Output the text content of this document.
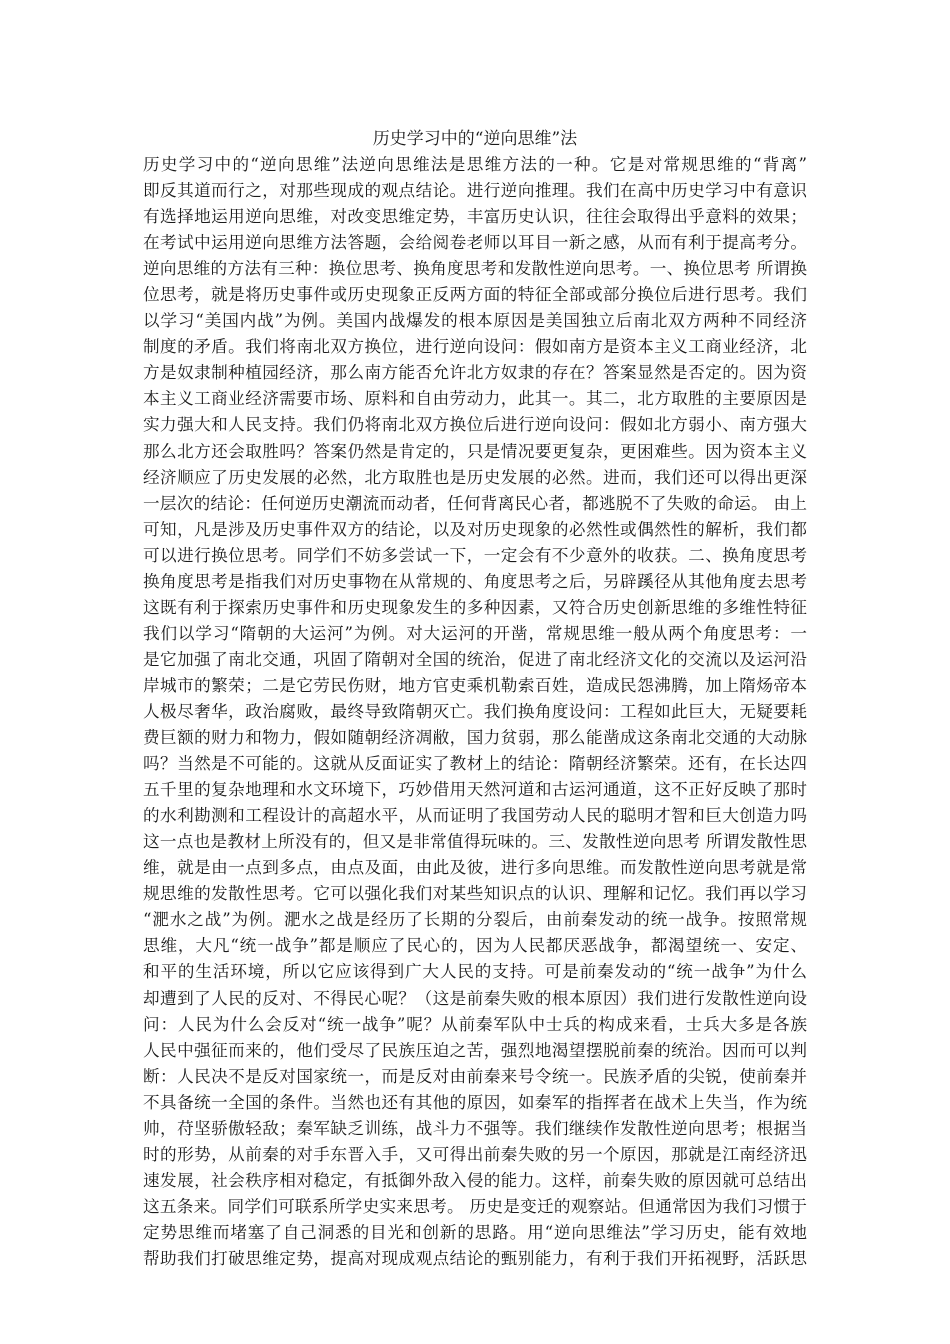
历史学习中的“逆向思维”法
历史学习中的“逆向思维”法逆向思维法是思维方法的一种。它是对常规思维的“背离”
即反其道而行之，对那些现成的观点结论。进行逆向推理。我们在高中历史学习中有意识
有选择地运用逆向思维，对改变思维定势，丰富历史认识，往往会取得出乎意料的效果；
在考试中运用逆向思维方法答题，会给阅卷老师以耳目一新之感，从而有利于提高考分。
逆向思维的方法有三种：换位思考、换角度思考和发散性逆向思考。一、换位思考 所谓换
位思考，就是将历史事件或历史现象正反两方面的特征全部或部分换位后进行思考。我们
以学习“美国内战”为例。美国内战爆发的根本原因是美国独立后南北双方两种不同经济
制度的矛盾。我们将南北双方换位，进行逆向设问：假如南方是资本主义工商业经济，北
方是奴隶制种植园经济，那么南方能否允许北方奴隶的存在？答案显然是否定的。因为资
本主义工商业经济需要市场、原料和自由劳动力，此其一。其二，北方取胜的主要原因是
实力强大和人民支持。我们仍将南北双方换位后进行逆向设问：假如北方弱小、南方强大
那么北方还会取胜吗？答案仍然是肯定的，只是情况要更复杂，更困难些。因为资本主义
经济顺应了历史发展的必然，北方取胜也是历史发展的必然。进而，我们还可以得出更深
一层次的结论：任何逆历史潮流而动者，任何背离民心者，都逃脱不了失败的命运。 由上
可知，凡是涉及历史事件双方的结论，以及对历史现象的必然性或偶然性的解析，我们都
可以进行换位思考。同学们不妨多尝试一下，一定会有不少意外的收获。二、换角度思考
换角度思考是指我们对历史事物在从常规的、角度思考之后，另辟蹊径从其他角度去思考
这既有利于探索历史事件和历史现象发生的多种因素，又符合历史创新思维的多维性特征
我们以学习“隋朝的大运河”为例。对大运河的开凿，常规思维一般从两个角度思考：一
是它加强了南北交通，巩固了隋朝对全国的统治，促进了南北经济文化的交流以及运河沿
岸城市的繁荣；二是它劳民伤财，地方官吏乘机勒索百姓，造成民怨沸腾，加上隋炀帝本
人极尽奢华，政治腐败，最终导致隋朝灭亡。我们换角度设问：工程如此巨大，无疑要耗
费巨额的财力和物力，假如随朝经济凋敝，国力贫弱，那么能凿成这条南北交通的大动脉
吗？当然是不可能的。这就从反面证实了教材上的结论：隋朝经济繁荣。还有，在长达四
五千里的复杂地理和水文环境下，巧妙借用天然河道和古运河通道，这不正好反映了那时
的水利勘测和工程设计的高超水平，从而证明了我国劳动人民的聪明才智和巨大创造力吗
这一点也是教材上所没有的，但又是非常值得玩味的。三、发散性逆向思考 所谓发散性思
维，就是由一点到多点，由点及面，由此及彼，进行多向思维。而发散性逆向思考就是常
规思维的发散性思考。它可以强化我们对某些知识点的认识、理解和记忆。我们再以学习
“淝水之战”为例。淝水之战是经历了长期的分裂后，由前秦发动的统一战争。按照常规
思维，大凡“统一战争”都是顺应了民心的，因为人民都厌恶战争，都渴望统一、安定、
和平的生活环境，所以它应该得到广大人民的支持。可是前秦发动的“统一战争”为什么
却遭到了人民的反对、不得民心呢？（这是前秦失败的根本原因）我们进行发散性逆向设
问：人民为什么会反对“统一战争”呢？从前秦军队中士兵的构成来看，士兵大多是各族
人民中强征而来的，他们受尽了民族压迫之苦，强烈地渴望摆脱前秦的统治。因而可以判
断：人民决不是反对国家统一，而是反对由前秦来号令统一。民族矛盾的尖锐，使前秦并
不具备统一全国的条件。当然也还有其他的原因，如秦军的指挥者在战术上失当，作为统
帅，苻坚骄傲轻敌；秦军缺乏训练，战斗力不强等。我们继续作发散性逆向思考；根据当
时的形势，从前秦的对手东晋入手，又可得出前秦失败的另一个原因，那就是江南经济迅
速发展，社会秩序相对稳定，有抵御外敌入侵的能力。这样，前秦失败的原因就可总结出
这五条来。同学们可联系所学史实来思考。 历史是变迁的观察站。但通常因为我们习惯于
定势思维而堵塞了自己洞悉的目光和创新的思路。用“逆向思维法”学习历史，能有效地
帮助我们打破思维定势，提高对现成观点结论的甄别能力，有利于我们开拓视野，活跃思
